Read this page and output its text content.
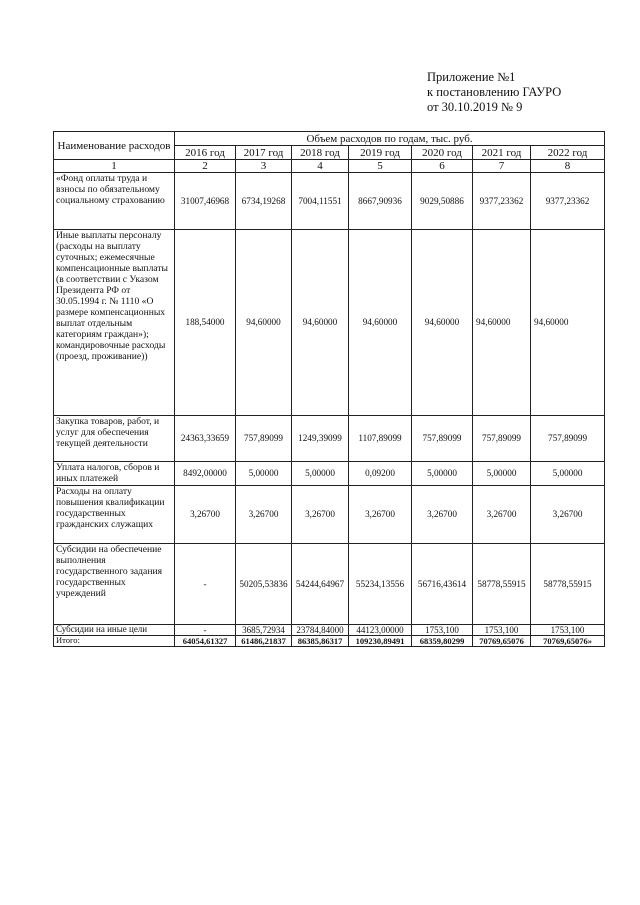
Приложение №1
к постановлению ГАУРО
от 30.10.2019 № 9
Наименование расходов	Объем расходов по годам, тыс. руб.						
	2016 год	2017 год	2018 год	2019 год	2020 год	2021 год	2022 год
1	2	3	4	5	6	7	8
«Фонд оплаты труда и взносы по обязательному социальному страхованию	31007,46968	6734,19268	7004,11551	8667,90936	9029,50886	9377,23362	9377,23362
Иные выплаты персоналу (расходы на выплату суточных; ежемесячные компенсационные выплаты (в соответствии с Указом Президента РФ от 30.05.1994 г. № 1110 «О размере компенсационных выплат отдельным категориям граждан»); командировочные расходы (проезд, проживание))	188,54000	94,60000	94,60000	94,60000	94,60000	94,60000	94,60000
Закупка товаров, работ, и услуг для обеспечения текущей деятельности	24363,33659	757,89099	1249,39099	1107,89099	757,89099	757,89099	757,89099
Уплата налогов, сборов и иных платежей	8492,00000	5,00000	5,00000	0,09200	5,00000	5,00000	5,00000
Расходы на оплату повышения квалификации государственных гражданских служащих	3,26700	3,26700	3,26700	3,26700	3,26700	3,26700	3,26700
Субсидии на обеспечение выполнения государственного задания государственных учреждений	-	50205,53836	54244,64967	55234,13556	56716,43614	58778,55915	58778,55915
Субсидии на иные цели	-	3685,72934	23784,84000	44123,00000	1753,100	1753,100	1753,100
Итого:	64054,61327	61486,21837	86385,86317	109230,89491	68359,80299	70769,65076	70769,65076»
